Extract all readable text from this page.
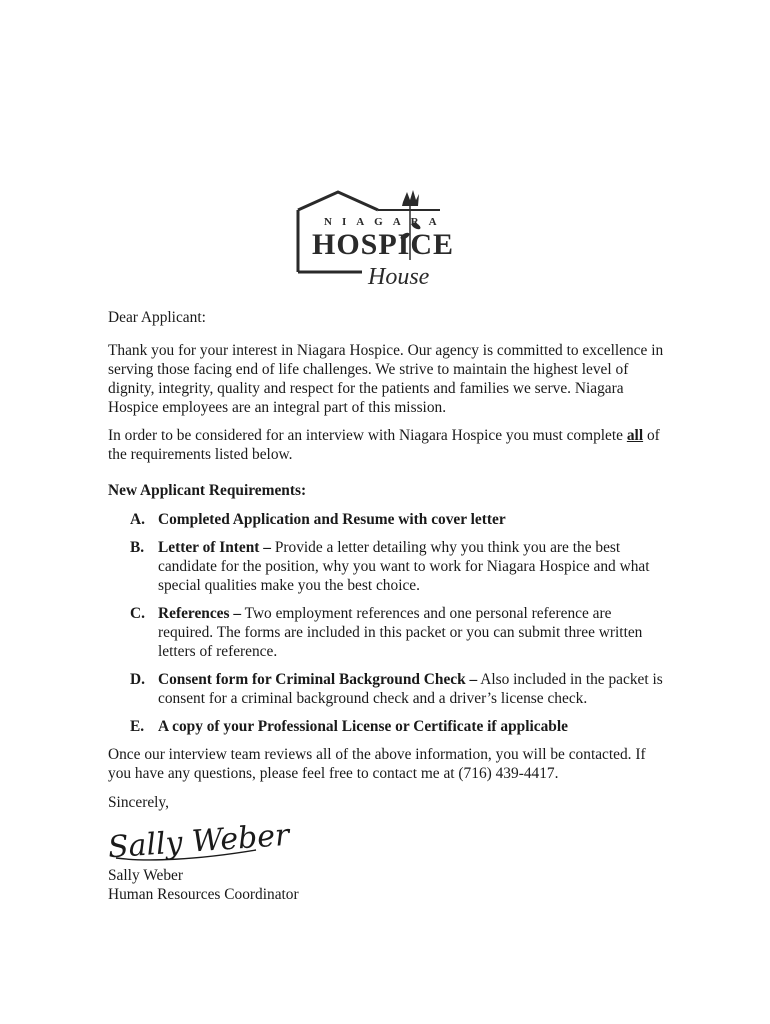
NIAGARA
HOSPICE
House

Dear Applicant:

Thank you for your interest in Niagara Hospice. Our agency is committed to excellence in serving those facing end of life challenges. We strive to maintain the highest level of dignity, integrity, quality and respect for the patients and families we serve. Niagara Hospice employees are an integral part of this mission.

In order to be considered for an interview with Niagara Hospice you must complete all of the requirements listed below.

New Applicant Requirements:

A. Completed Application and Resume with cover letter
B. Letter of Intent – Provide a letter detailing why you think you are the best candidate for the position, why you want to work for Niagara Hospice and what special qualities make you the best choice.
C. References – Two employment references and one personal reference are required. The forms are included in this packet or you can submit three written letters of reference.
D. Consent form for Criminal Background Check – Also included in the packet is consent for a criminal background check and a driver’s license check.
E. A copy of your Professional License or Certificate if applicable

Once our interview team reviews all of the above information, you will be contacted. If you have any questions, please feel free to contact me at (716) 439-4417.

Sincerely,

Sally Weber

Sally Weber

Human Resources Coordinator
